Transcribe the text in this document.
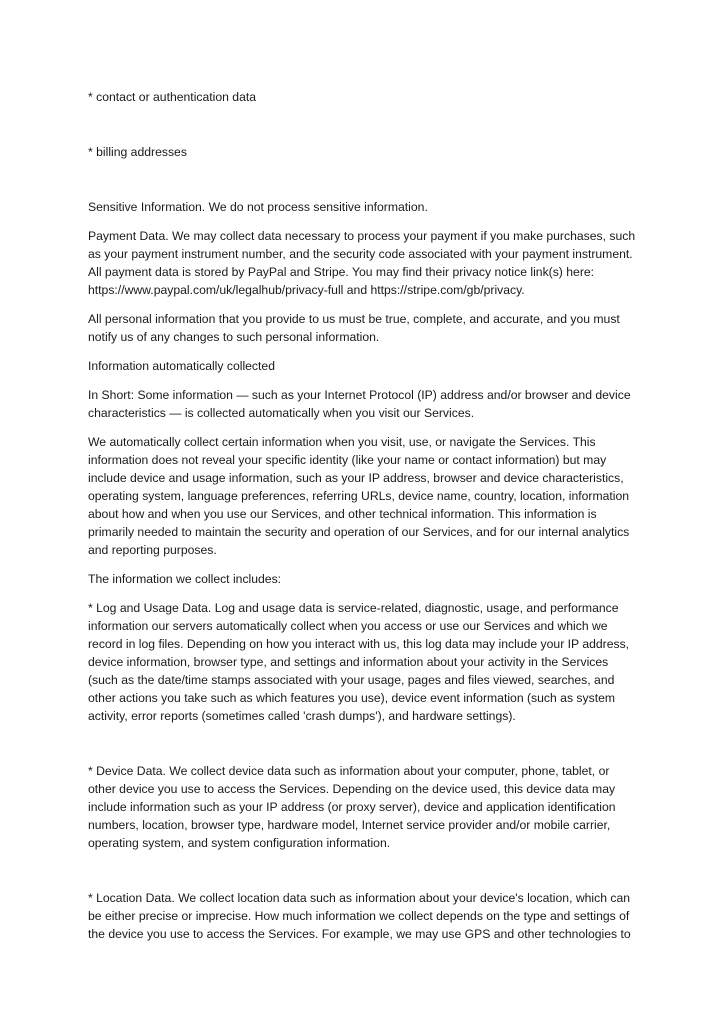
* contact or authentication data

* billing addresses

Sensitive Information. We do not process sensitive information.

Payment Data. We may collect data necessary to process your payment if you make purchases, such as your payment instrument number, and the security code associated with your payment instrument. All payment data is stored by PayPal and Stripe. You may find their privacy notice link(s) here: https://www.paypal.com/uk/legalhub/privacy-full and https://stripe.com/gb/privacy.

All personal information that you provide to us must be true, complete, and accurate, and you must notify us of any changes to such personal information.

Information automatically collected

In Short: Some information — such as your Internet Protocol (IP) address and/or browser and device characteristics — is collected automatically when you visit our Services.

We automatically collect certain information when you visit, use, or navigate the Services. This information does not reveal your specific identity (like your name or contact information) but may include device and usage information, such as your IP address, browser and device characteristics, operating system, language preferences, referring URLs, device name, country, location, information about how and when you use our Services, and other technical information. This information is primarily needed to maintain the security and operation of our Services, and for our internal analytics and reporting purposes.

The information we collect includes:

* Log and Usage Data. Log and usage data is service-related, diagnostic, usage, and performance information our servers automatically collect when you access or use our Services and which we record in log files. Depending on how you interact with us, this log data may include your IP address, device information, browser type, and settings and information about your activity in the Services (such as the date/time stamps associated with your usage, pages and files viewed, searches, and other actions you take such as which features you use), device event information (such as system activity, error reports (sometimes called 'crash dumps'), and hardware settings).

* Device Data. We collect device data such as information about your computer, phone, tablet, or other device you use to access the Services. Depending on the device used, this device data may include information such as your IP address (or proxy server), device and application identification numbers, location, browser type, hardware model, Internet service provider and/or mobile carrier, operating system, and system configuration information.

* Location Data. We collect location data such as information about your device's location, which can be either precise or imprecise. How much information we collect depends on the type and settings of the device you use to access the Services. For example, we may use GPS and other technologies to
